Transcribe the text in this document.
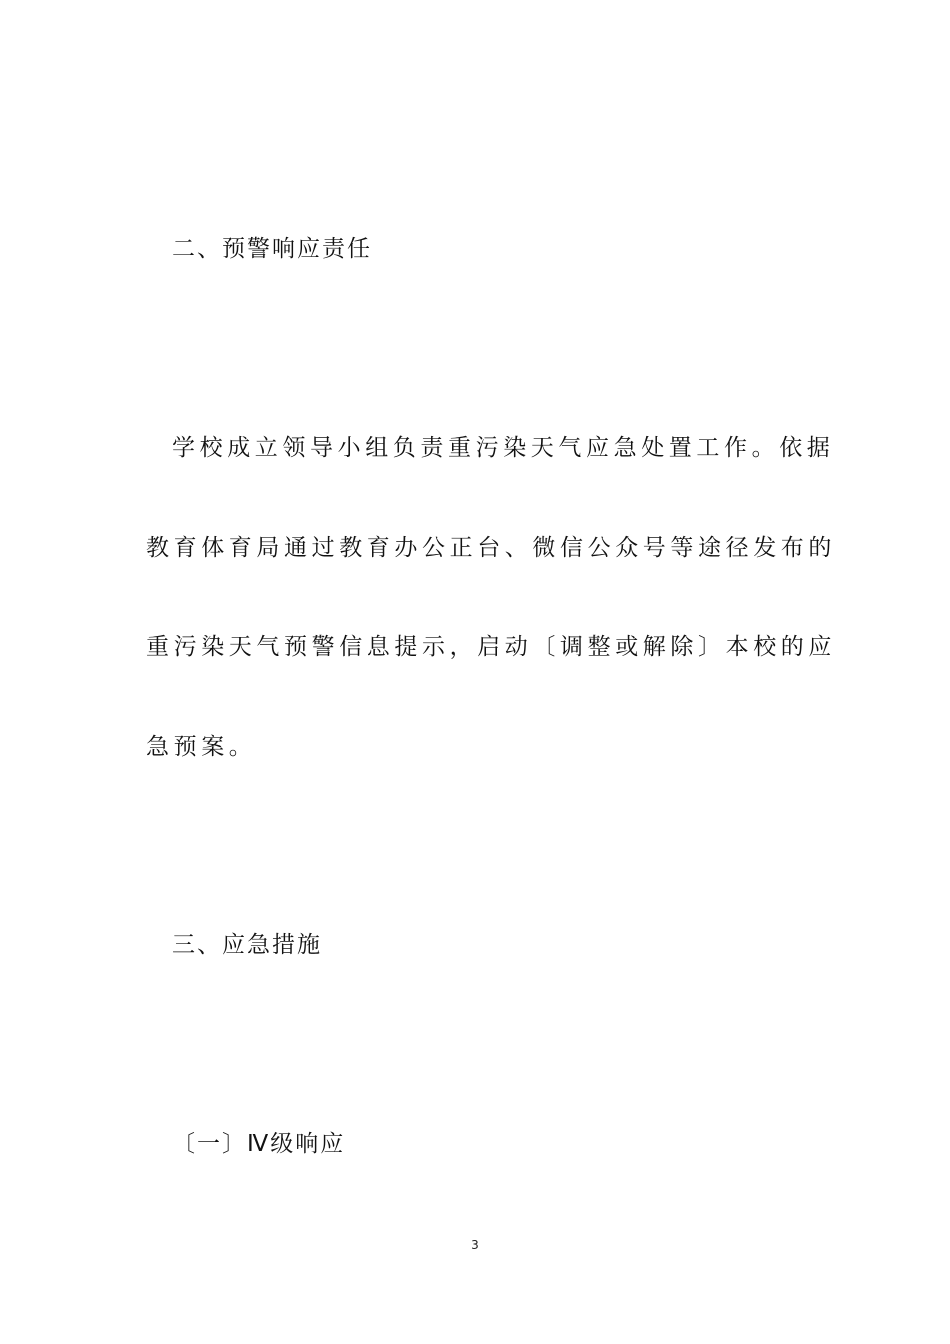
二、预警响应责任
学校成立领导小组负责重污染天气应急处置工作。依据
教育体育局通过教育办公正台、微信公众号等途径发布的
重污染天气预警信息提示，启动〔调整或解除〕本校的应
急预案。
三、应急措施
〔一〕Ⅳ级响应
3
